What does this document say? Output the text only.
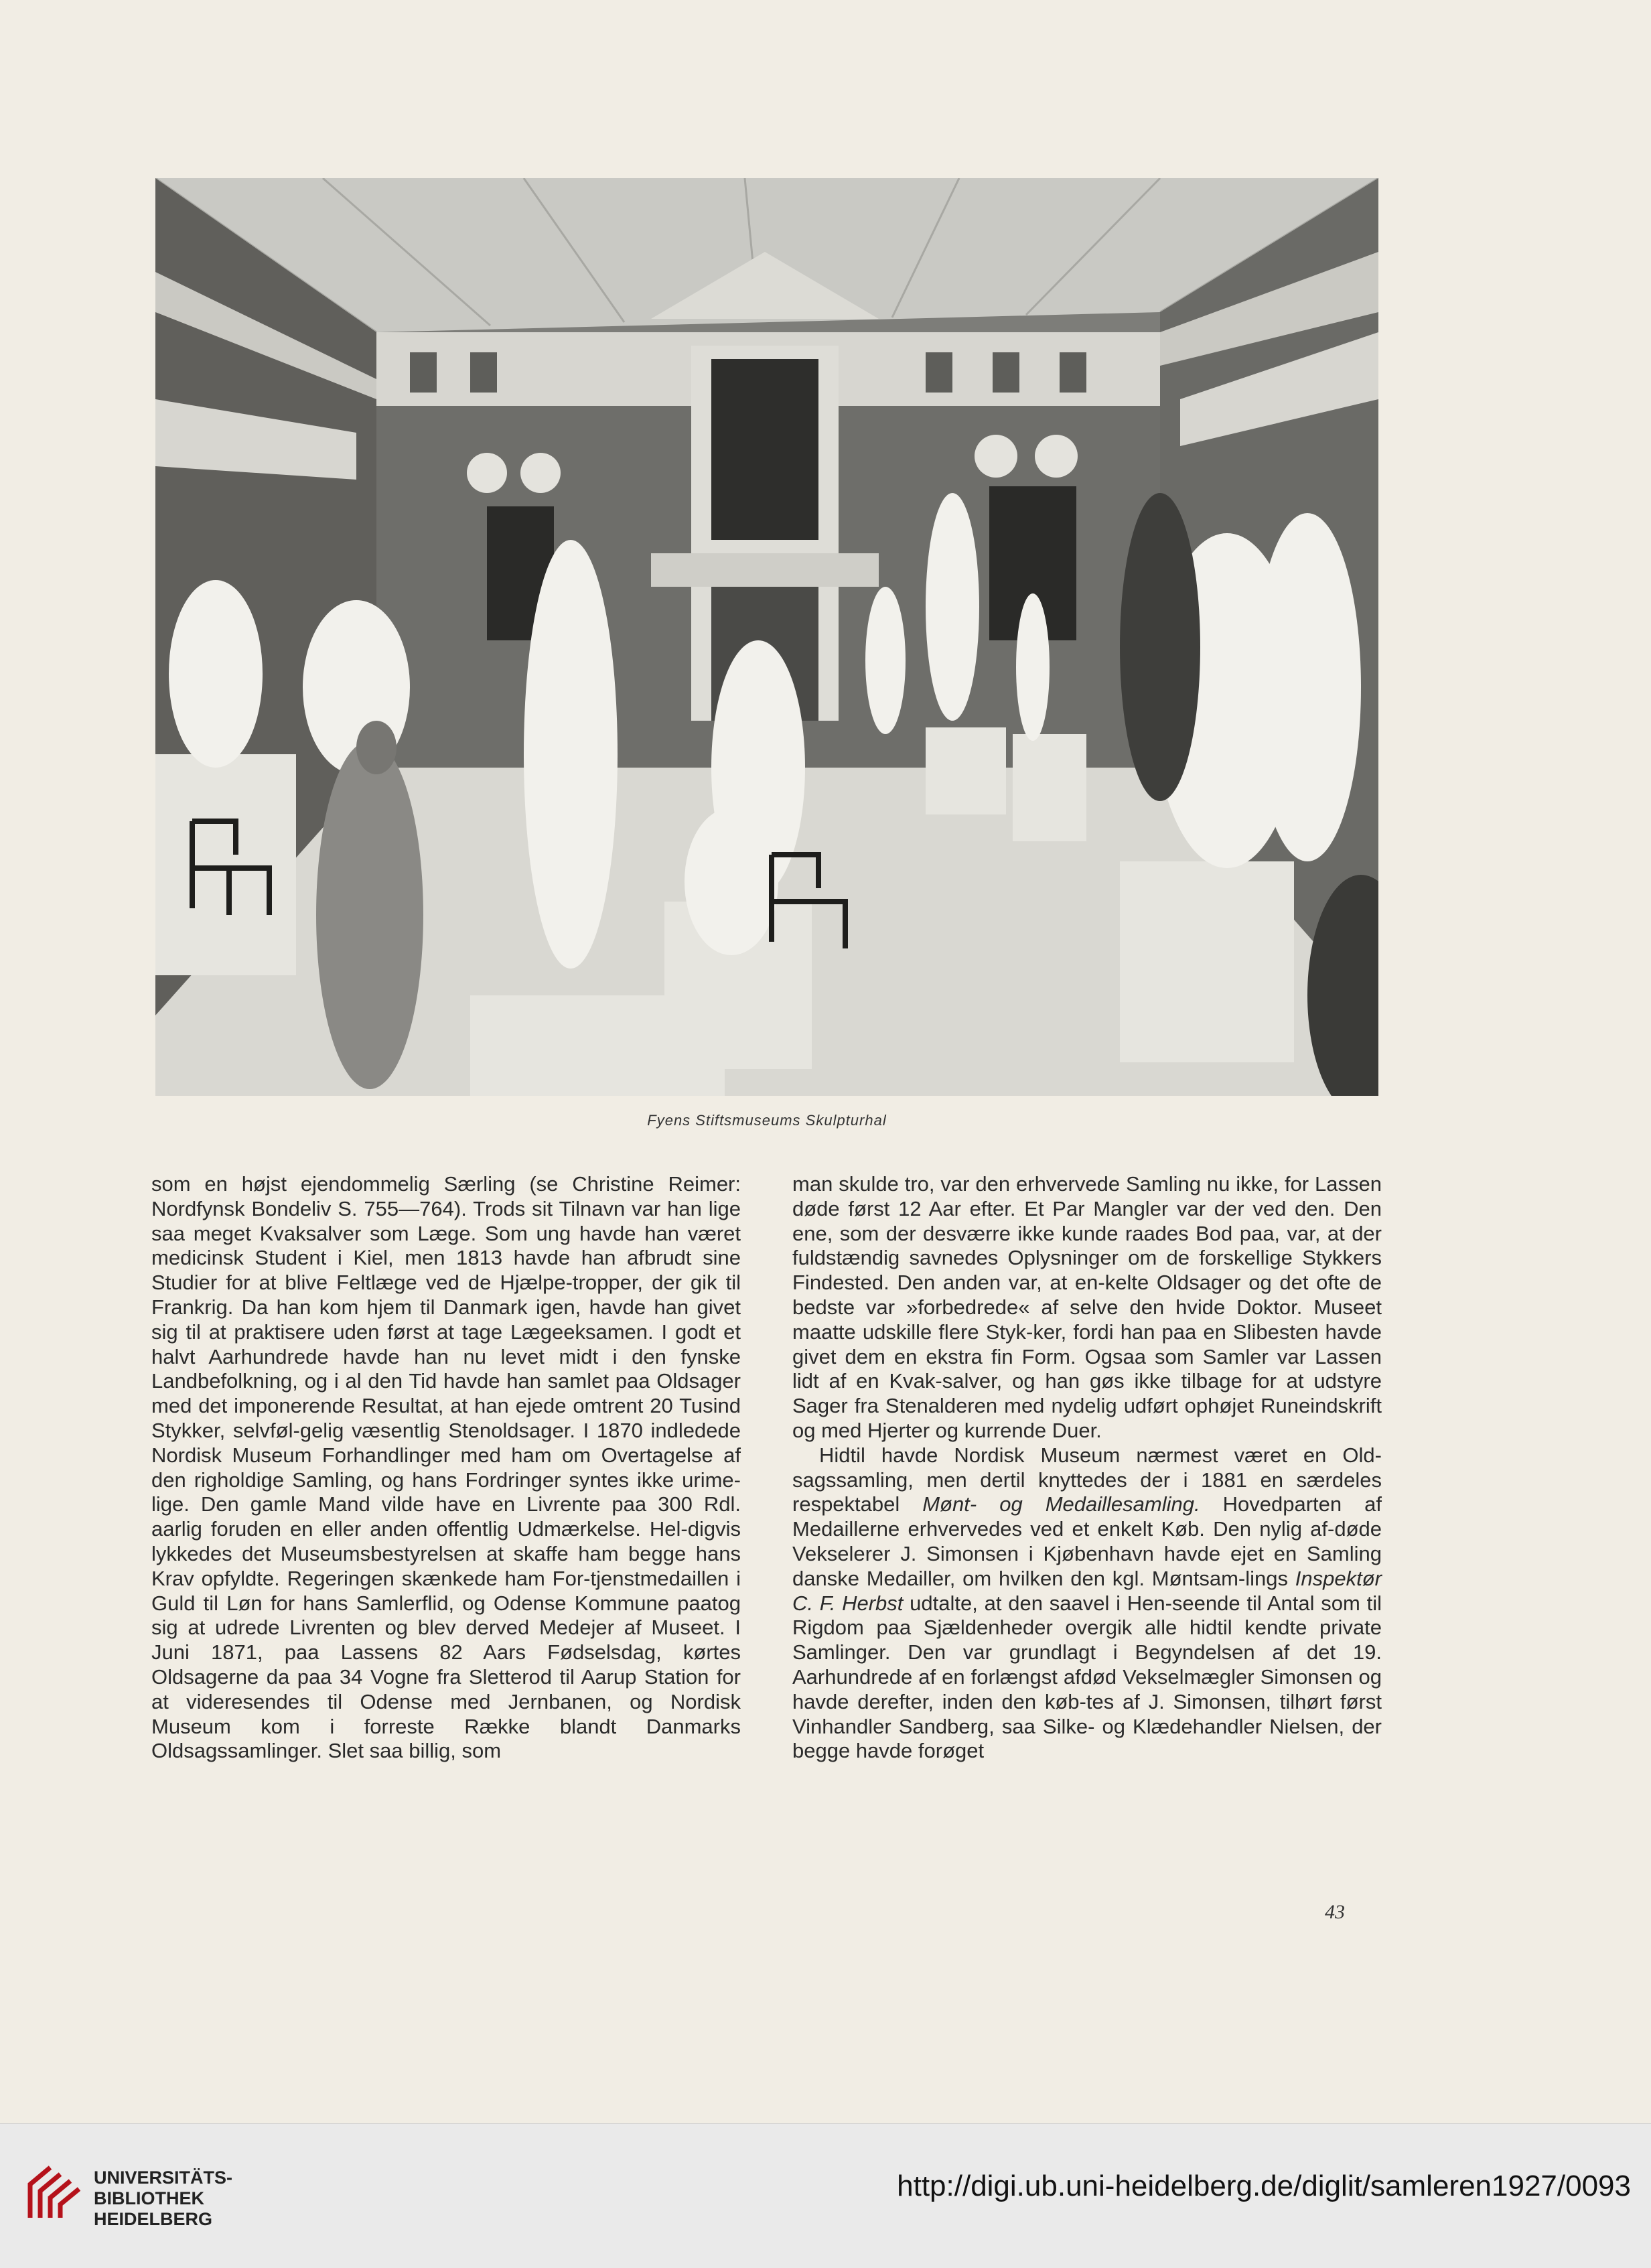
Fyens Stiftsmuseums Skulpturhal

som en højst ejendommelig Særling (se Christine Reimer: Nordfynsk Bondeliv S. 755—764). Trods sit Tilnavn var han lige saa meget Kvaksalver som Læge. Som ung havde han været medicinsk Student i Kiel, men 1813 havde han afbrudt sine Studier for at blive Feltlæge ved de Hjælpe-tropper, der gik til Frankrig. Da han kom hjem til Danmark igen, havde han givet sig til at praktisere uden først at tage Lægeeksamen. I godt et halvt Aarhundrede havde han nu levet midt i den fynske Landbefolkning, og i al den Tid havde han samlet paa Oldsager med det imponerende Resultat, at han ejede omtrent 20 Tusind Stykker, selvføl-gelig væsentlig Stenoldsager. I 1870 indledede Nordisk Museum Forhandlinger med ham om Overtagelse af den righoldige Samling, og hans Fordringer syntes ikke urime-lige. Den gamle Mand vilde have en Livrente paa 300 Rdl. aarlig foruden en eller anden offentlig Udmærkelse. Hel-digvis lykkedes det Museumsbestyrelsen at skaffe ham begge hans Krav opfyldte. Regeringen skænkede ham For-tjenstmedaillen i Guld til Løn for hans Samlerflid, og Odense Kommune paatog sig at udrede Livrenten og blev derved Medejer af Museet. I Juni 1871, paa Lassens 82 Aars Fødselsdag, kørtes Oldsagerne da paa 34 Vogne fra Sletterod til Aarup Station for at videresendes til Odense med Jernbanen, og Nordisk Museum kom i forreste Række blandt Danmarks Oldsagssamlinger. Slet saa billig, som

man skulde tro, var den erhvervede Samling nu ikke, for Lassen døde først 12 Aar efter. Et Par Mangler var der ved den. Den ene, som der desværre ikke kunde raades Bod paa, var, at der fuldstændig savnedes Oplysninger om de forskellige Stykkers Findested. Den anden var, at en-kelte Oldsager og det ofte de bedste var »forbedrede« af selve den hvide Doktor. Museet maatte udskille flere Styk-ker, fordi han paa en Slibesten havde givet dem en ekstra fin Form. Ogsaa som Samler var Lassen lidt af en Kvak-salver, og han gøs ikke tilbage for at udstyre Sager fra Stenalderen med nydelig udført ophøjet Runeindskrift og med Hjerter og kurrende Duer.

Hidtil havde Nordisk Museum nærmest været en Old-sagssamling, men dertil knyttedes der i 1881 en særdeles respektabel Mønt- og Medaillesamling. Hovedparten af Medaillerne erhvervedes ved et enkelt Køb. Den nylig af-døde Vekselerer J. Simonsen i Kjøbenhavn havde ejet en Samling danske Medailler, om hvilken den kgl. Møntsam-lings Inspektør C. F. Herbst udtalte, at den saavel i Hen-seende til Antal som til Rigdom paa Sjældenheder overgik alle hidtil kendte private Samlinger. Den var grundlagt i Begyndelsen af det 19. Aarhundrede af en forlængst afdød Vekselmægler Simonsen og havde derefter, inden den køb-tes af J. Simonsen, tilhørt først Vinhandler Sandberg, saa Silke- og Klædehandler Nielsen, der begge havde forøget

43
UNIVERSITÄTS-
BIBLIOTHEK
HEIDELBERG
http://digi.ub.uni-heidelberg.de/diglit/samleren1927/0093
